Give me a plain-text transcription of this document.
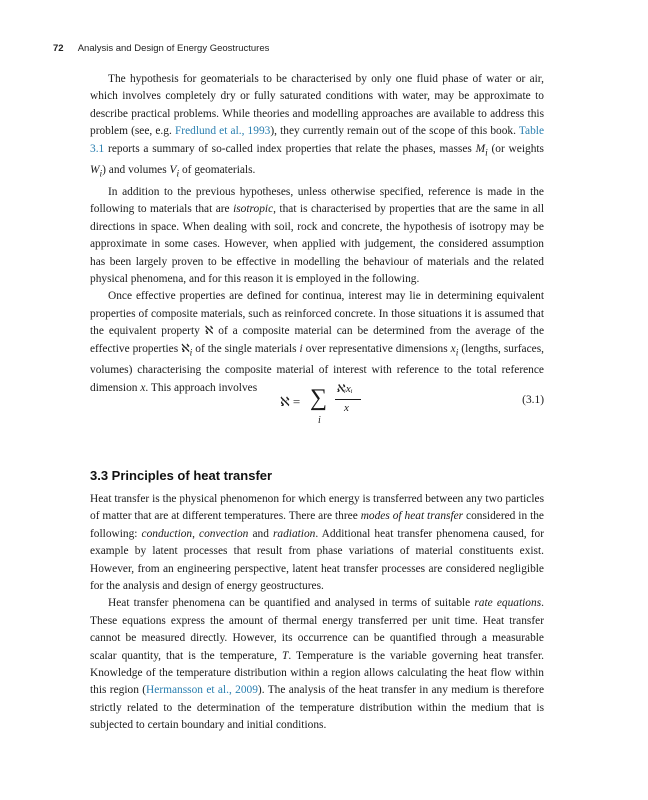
72 Analysis and Design of Energy Geostructures

The hypothesis for geomaterials to be characterised by only one fluid phase of water or air, which involves completely dry or fully saturated conditions with water, may be approximate to describe practical problems. While theories and modelling approaches are available to address this problem (see, e.g. Fredlund et al., 1993), they currently remain out of the scope of this book. Table 3.1 reports a summary of so-called index properties that relate the phases, masses $M_i$ (or weights $W_i$) and volumes $V_i$ of geomaterials.

In addition to the previous hypotheses, unless otherwise specified, reference is made in the following to materials that are isotropic, that is characterised by properties that are the same in all directions in space. When dealing with soil, rock and concrete, the hypothesis of isotropy may be approximate in some cases. However, when applied with judgement, the considered assumption has been largely proven to be effective in modelling the behaviour of materials and the related physical phenomena, and for this reason it is employed in the following.

Once effective properties are defined for continua, interest may lie in determining equivalent properties of composite materials, such as reinforced concrete. In those situations it is assumed that the equivalent property ℵ of a composite material can be determined from the average of the effective properties ℵ$_i$ of the single materials i over representative dimensions $x_i$ (lengths, surfaces, volumes) characterising the composite material of interest with reference to the total reference dimension x. This approach involves

ℵ = ∑
i
ℵᵢxᵢ
x
(3.1)
3.3 Principles of heat transfer

Heat transfer is the physical phenomenon for which energy is transferred between any two particles of matter that are at different temperatures. There are three modes of heat transfer considered in the following: conduction, convection and radiation. Additional heat transfer phenomena caused, for example by latent processes that result from phase variations of material constituents exist. However, from an engineering perspective, latent heat transfer processes are considered negligible for the analysis and design of energy geostructures.

Heat transfer phenomena can be quantified and analysed in terms of suitable rate equations. These equations express the amount of thermal energy transferred per unit time. Heat transfer cannot be measured directly. However, its occurrence can be quantified through a measurable scalar quantity, that is the temperature, T. Temperature is the variable governing heat transfer. Knowledge of the temperature distribution within a region allows calculating the heat flow within this region (Hermansson et al., 2009). The analysis of the heat transfer in any medium is therefore strictly related to the determination of the temperature distribution within the medium that is subjected to certain boundary and initial conditions.
